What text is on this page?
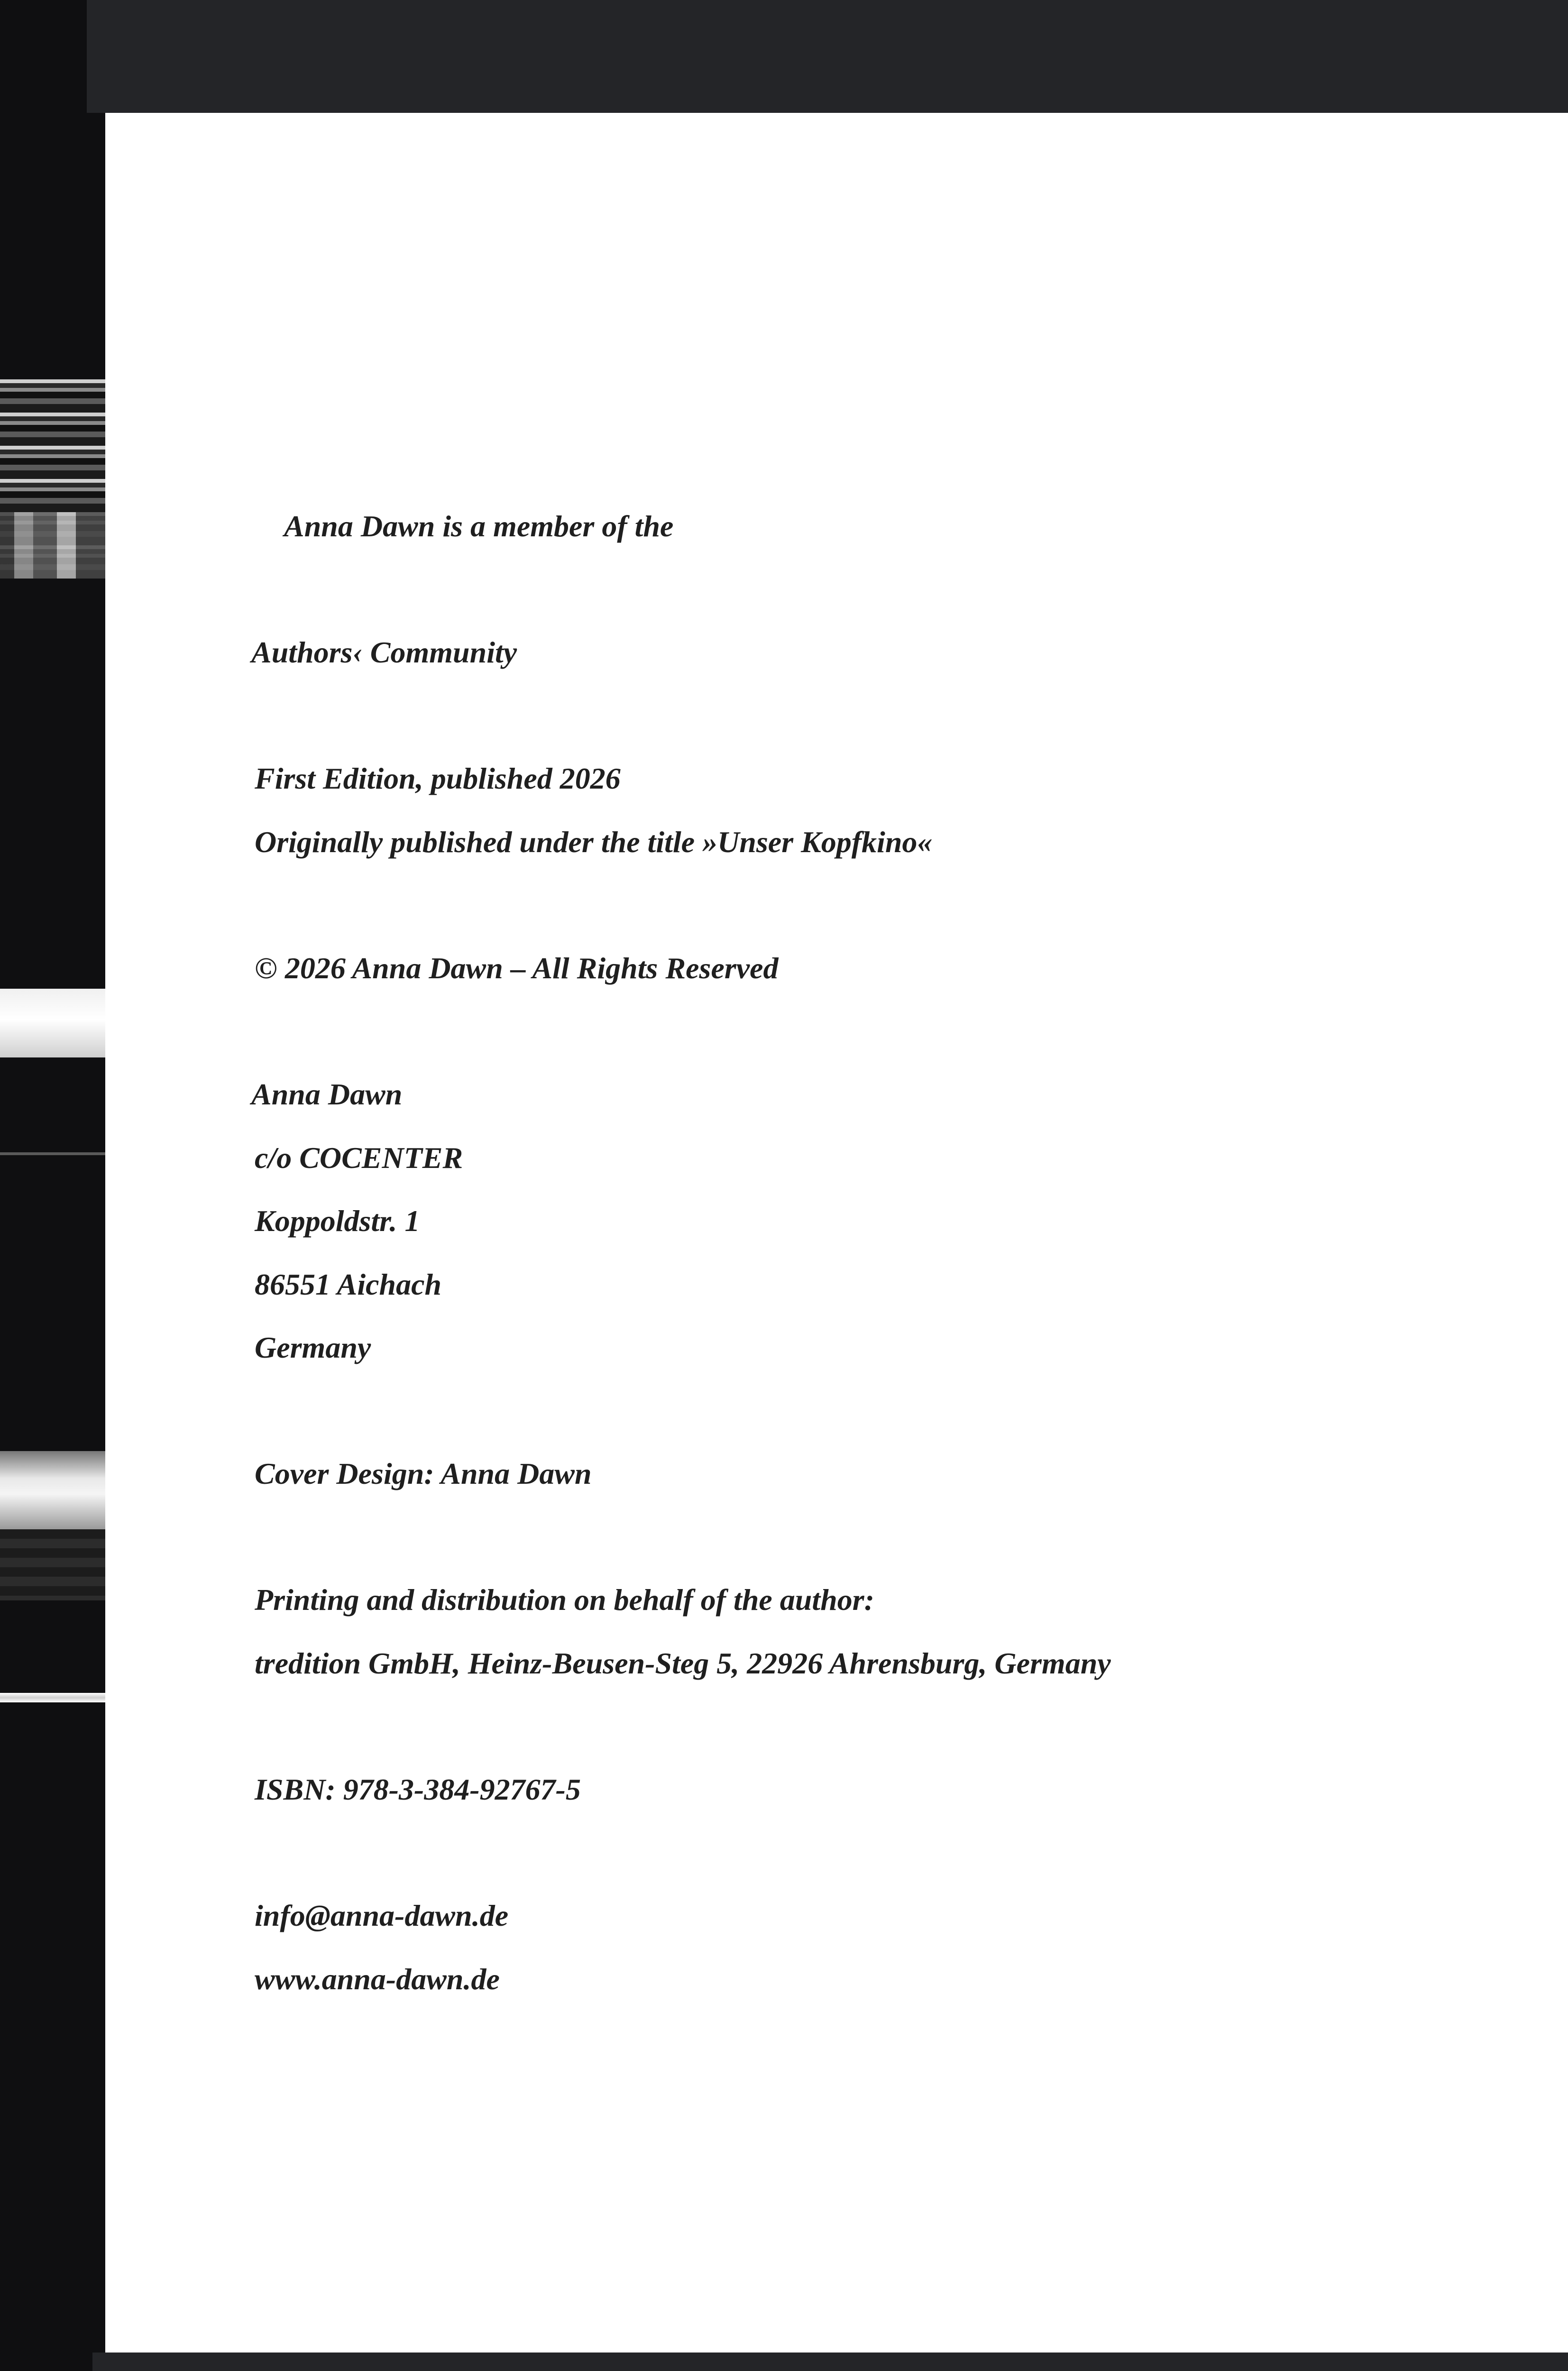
Anna Dawn is a member of the

Authors‹ Community

First Edition, published 2026

Originally published under the title »Unser Kopfkino«

© 2026 Anna Dawn – All Rights Reserved

Anna Dawn

c/o COCENTER

Koppoldstr. 1

86551 Aichach

Germany

Cover Design: Anna Dawn

Printing and distribution on behalf of the author:

tredition GmbH, Heinz-Beusen-Steg 5, 22926 Ahrensburg, Germany

ISBN: 978-3-384-92767-5

info@anna-dawn.de

www.anna-dawn.de
